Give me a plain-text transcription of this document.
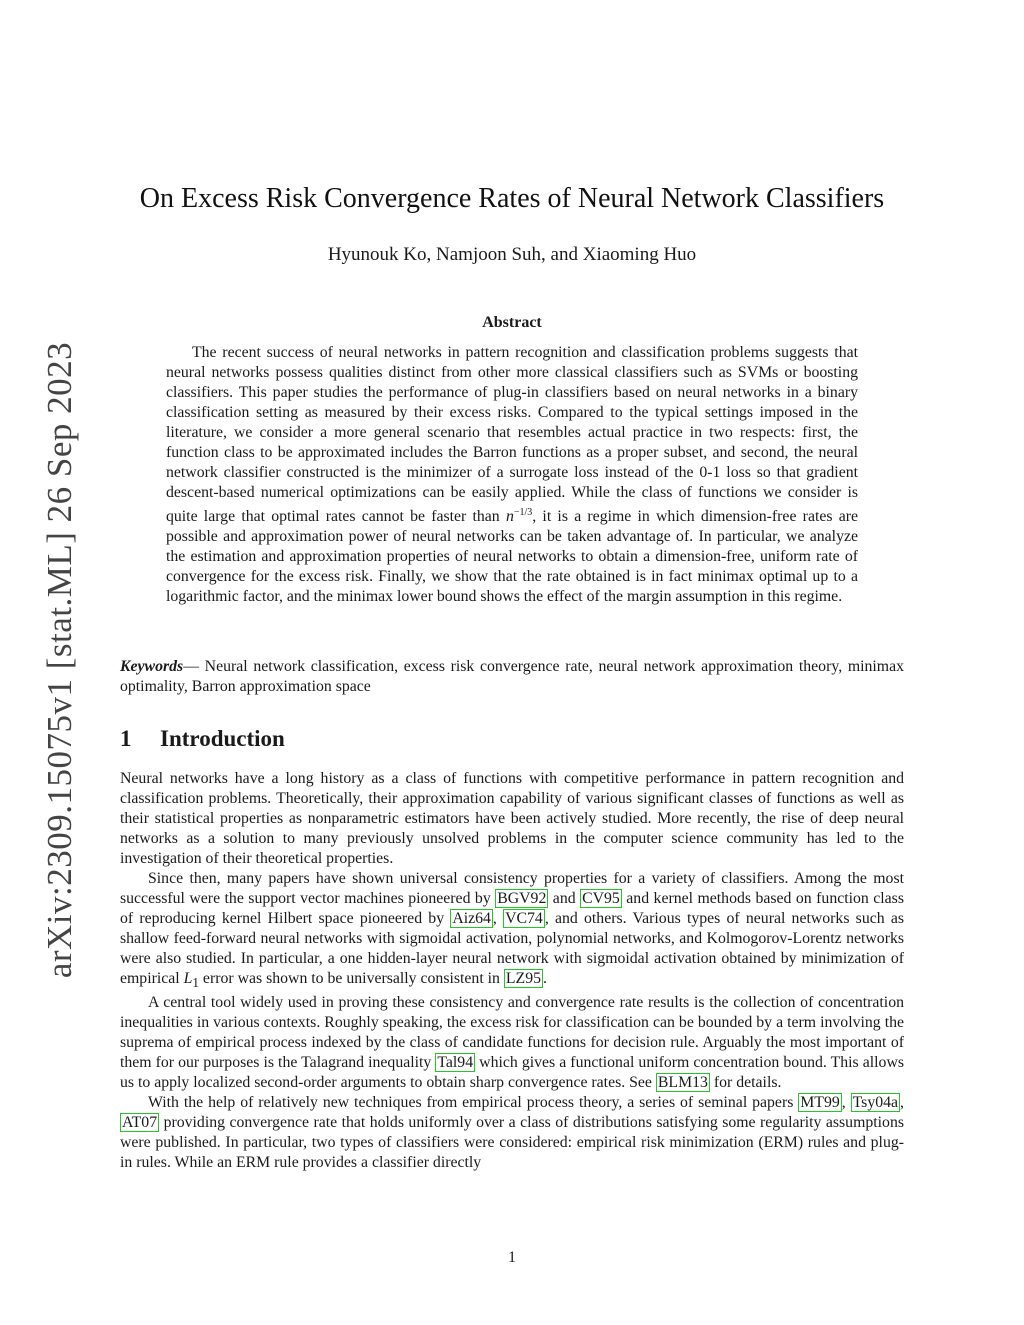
arXiv:2309.15075v1 [stat.ML] 26 Sep 2023
On Excess Risk Convergence Rates of Neural Network Classifiers
Hyunouk Ko, Namjoon Suh, and Xiaoming Huo
Abstract

The recent success of neural networks in pattern recognition and classification problems suggests that neural networks possess qualities distinct from other more classical classifiers such as SVMs or boosting classifiers. This paper studies the performance of plug-in classifiers based on neural networks in a binary classification setting as measured by their excess risks. Compared to the typical settings imposed in the literature, we consider a more general scenario that resembles actual practice in two respects: first, the function class to be approximated includes the Barron functions as a proper subset, and second, the neural network classifier constructed is the minimizer of a surrogate loss instead of the 0-1 loss so that gradient descent-based numerical optimizations can be easily applied. While the class of functions we consider is quite large that optimal rates cannot be faster than $n^{-1/3}$, it is a regime in which dimension-free rates are possible and approximation power of neural networks can be taken advantage of. In particular, we analyze the estimation and approximation properties of neural networks to obtain a dimension-free, uniform rate of convergence for the excess risk. Finally, we show that the rate obtained is in fact minimax optimal up to a logarithmic factor, and the minimax lower bound shows the effect of the margin assumption in this regime.

Keywords— Neural network classification, excess risk convergence rate, neural network approximation theory, minimax optimality, Barron approximation space

1 Introduction

Neural networks have a long history as a class of functions with competitive performance in pattern recognition and classification problems. Theoretically, their approximation capability of various significant classes of functions as well as their statistical properties as nonparametric estimators have been actively studied. More recently, the rise of deep neural networks as a solution to many previously unsolved problems in the computer science community has led to the investigation of their theoretical properties.

Since then, many papers have shown universal consistency properties for a variety of classifiers. Among the most successful were the support vector machines pioneered by BGV92 and CV95 and kernel methods based on function class of reproducing kernel Hilbert space pioneered by Aiz64 , VC74 , and others. Various types of neural networks such as shallow feed-forward neural networks with sigmoidal activation, polynomial networks, and Kolmogorov-Lorentz networks were also studied. In particular, a one hidden-layer neural network with sigmoidal activation obtained by minimization of empirical $L_1$ error was shown to be universally consistent in LZ95 .

A central tool widely used in proving these consistency and convergence rate results is the collection of concentration inequalities in various contexts. Roughly speaking, the excess risk for classification can be bounded by a term involving the suprema of empirical process indexed by the class of candidate functions for decision rule. Arguably the most important of them for our purposes is the Talagrand inequality Tal94 which gives a functional uniform concentration bound. This allows us to apply localized second-order arguments to obtain sharp convergence rates. See BLM13 for details.

With the help of relatively new techniques from empirical process theory, a series of seminal papers MT99 , Tsy04a , AT07 providing convergence rate that holds uniformly over a class of distributions satisfying some regularity assumptions were published. In particular, two types of classifiers were considered: empirical risk minimization (ERM) rules and plug-in rules. While an ERM rule provides a classifier directly

1
